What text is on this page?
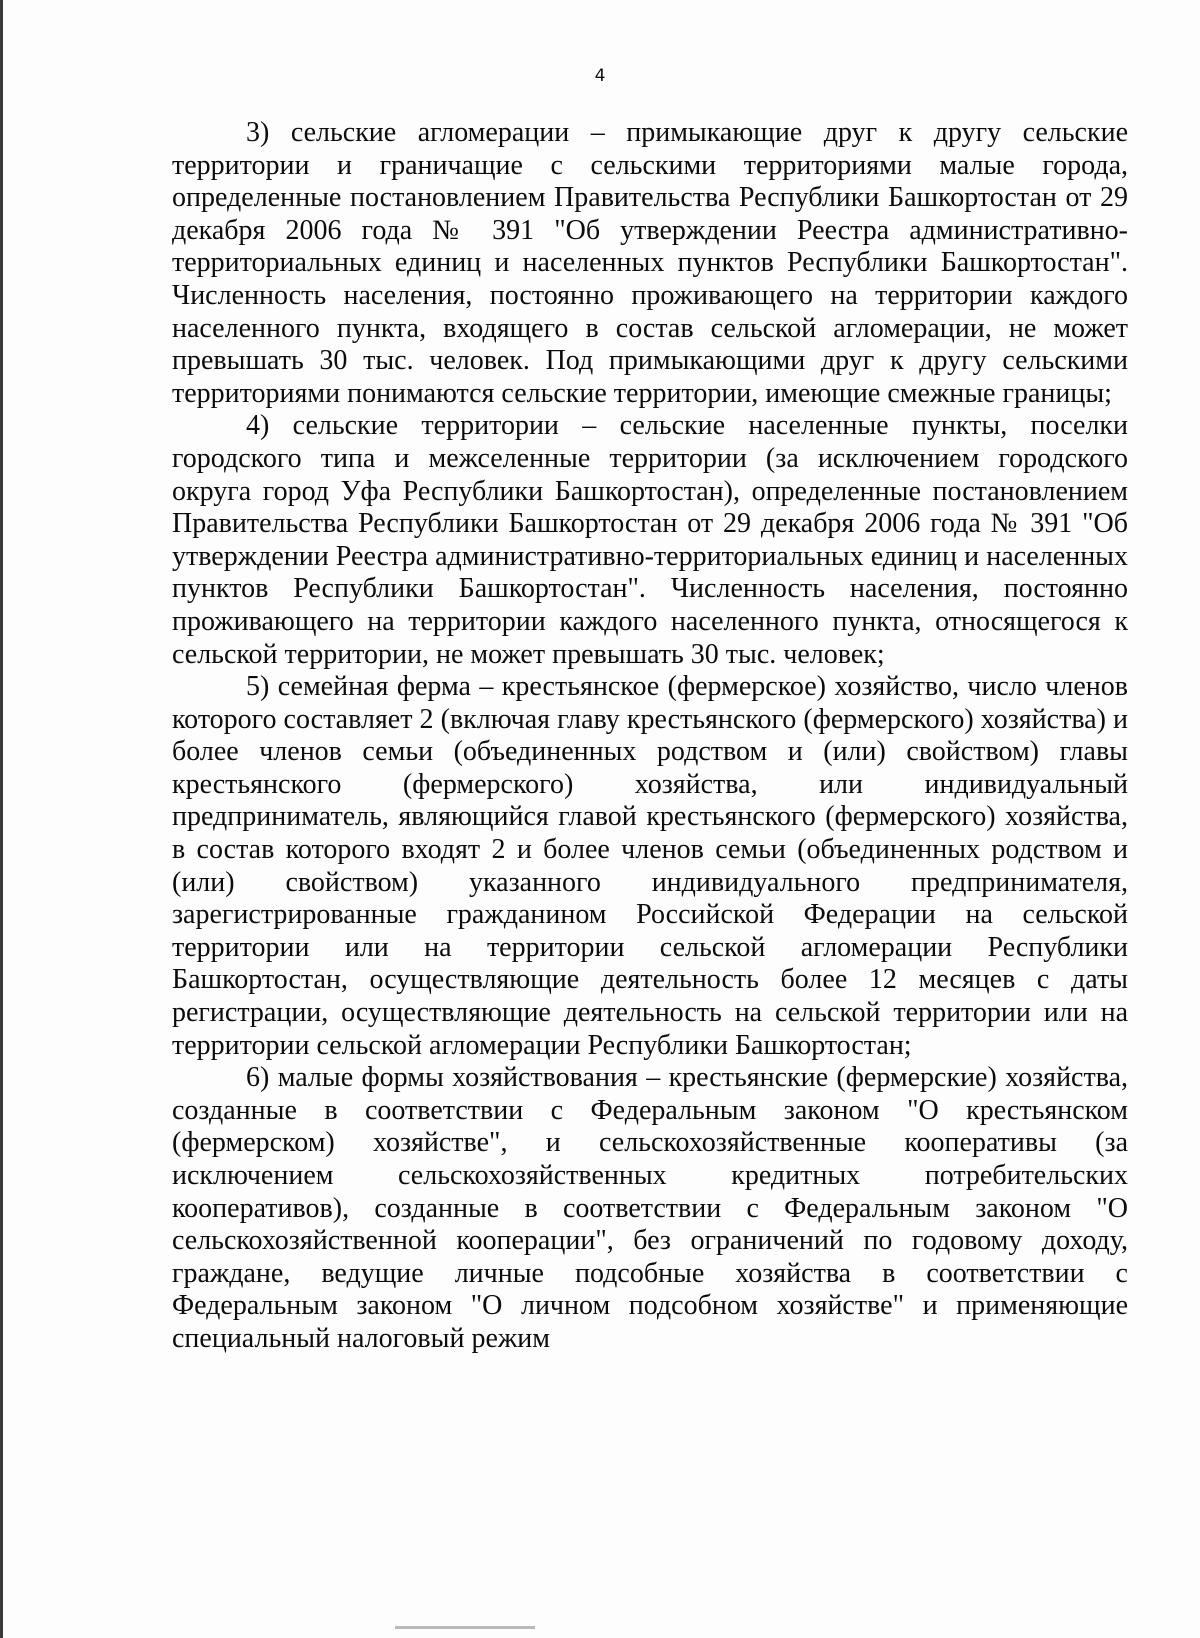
4

3) сельские агломерации – примыкающие друг к другу сельские территории и граничащие с сельскими территориями малые города, определенные постановлением Правительства Республики Башкортостан от 29 декабря 2006 года № 391 "Об утверждении Реестра административно-территориальных единиц и населенных пунктов Республики Башкортостан". Численность населения, постоянно проживающего на территории каждого населенного пункта, входящего в состав сельской агломерации, не может превышать 30 тыс. человек. Под примыкающими друг к другу сельскими территориями понимаются сельские территории, имеющие смежные границы;

4) сельские территории – сельские населенные пункты, поселки городского типа и межселенные территории (за исключением городского округа город Уфа Республики Башкортостан), определенные постановлением Правительства Республики Башкортостан от 29 декабря 2006 года № 391 "Об утверждении Реестра административно-территориальных единиц и населенных пунктов Республики Башкортостан". Численность населения, постоянно проживающего на территории каждого населенного пункта, относящегося к сельской территории, не может превышать 30 тыс. человек;

5) семейная ферма – крестьянское (фермерское) хозяйство, число членов которого составляет 2 (включая главу крестьянского (фермерского) хозяйства) и более членов семьи (объединенных родством и (или) свойством) главы крестьянского (фермерского) хозяйства, или индивидуальный предприниматель, являющийся главой крестьянского (фермерского) хозяйства, в состав которого входят 2 и более членов семьи (объединенных родством и (или) свойством) указанного индивидуального предпринимателя, зарегистрированные гражданином Российской Федерации на сельской территории или на территории сельской агломерации Республики Башкортостан, осуществляющие деятельность более 12 месяцев с даты регистрации, осуществляющие деятельность на сельской территории или на территории сельской агломерации Республики Башкортостан;

6) малые формы хозяйствования – крестьянские (фермерские) хозяйства, созданные в соответствии с Федеральным законом "О крестьянском (фермерском) хозяйстве", и сельскохозяйственные кооперативы (за исключением сельскохозяйственных кредитных потребительских кооперативов), созданные в соответствии с Федеральным законом "О сельскохозяйственной кооперации", без ограничений по годовому доходу, граждане, ведущие личные подсобные хозяйства в соответствии с Федеральным законом "О личном подсобном хозяйстве" и применяющие специальный налоговый режим
